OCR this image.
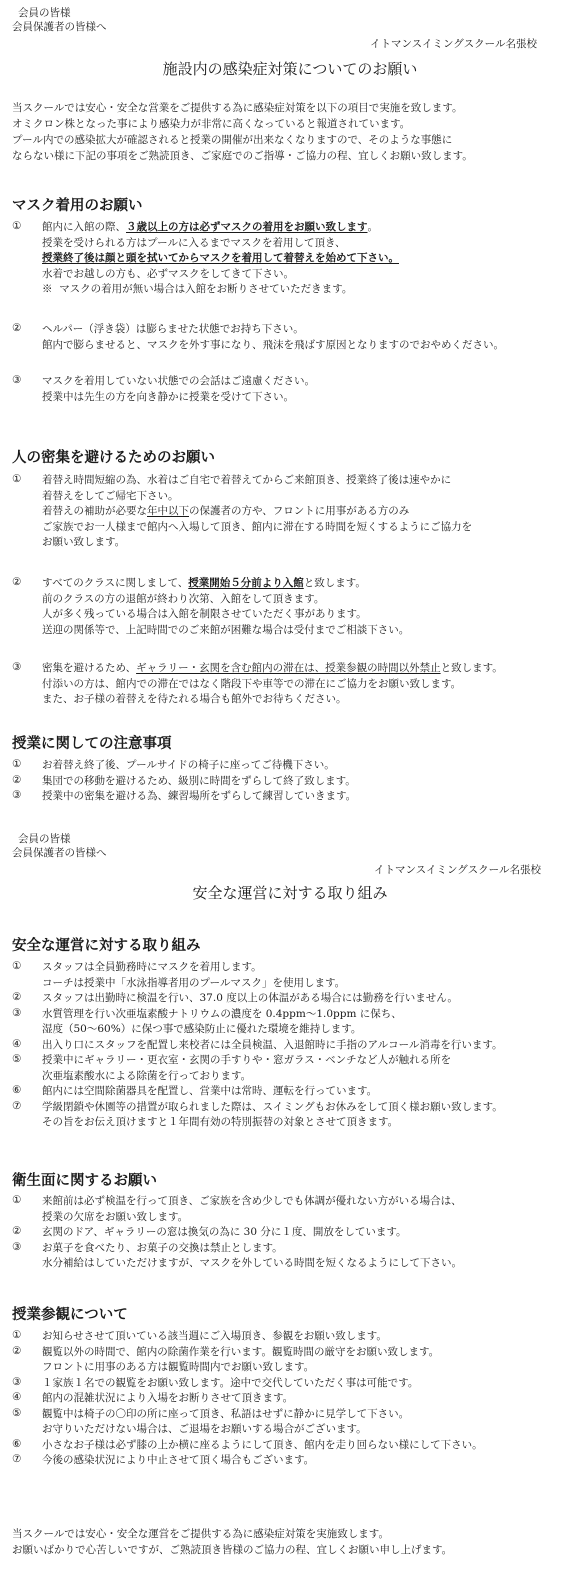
会員の皆様
会員保護者の皆様へ
イトマンスイミングスクール名張校
施設内の感染症対策についてのお願い
当スクールでは安心・安全な営業をご提供する為に感染症対策を以下の項目で実施を致します。
オミクロン株となった事により感染力が非常に高くなっていると報道されています。
プール内での感染拡大が確認されると授業の開催が出来なくなりますので、そのような事態に
ならない様に下記の事項をご熟読頂き、ご家庭でのご指導・ご協力の程、宜しくお願い致します。
マスク着用のお願い
①	館内に入館の際、３歳以上の方は必ずマスクの着用をお願い致します。
授業を受けられる方はプールに入るまでマスクを着用して頂き、
授業終了後は顔と頭を拭いてからマスクを着用して着替えを始めて下さい。
水着でお越しの方も、必ずマスクをしてきて下さい。
※ マスクの着用が無い場合は入館をお断りさせていただきます。
②	ヘルパー（浮き袋）は膨らませた状態でお持ち下さい。
館内で膨らませると、マスクを外す事になり、飛沫を飛ばす原因となりますのでおやめください。
③	マスクを着用していない状態での会話はご遠慮ください。
授業中は先生の方を向き静かに授業を受けて下さい。
人の密集を避けるためのお願い
①	着替え時間短縮の為、水着はご自宅で着替えてからご来館頂き、授業終了後は速やかに
着替えをしてご帰宅下さい。
着替えの補助が必要な年中以下の保護者の方や、フロントに用事がある方のみ
ご家族でお一人様まで館内へ入場して頂き、館内に滞在する時間を短くするようにご協力を
お願い致します。
②	すべてのクラスに関しまして、授業開始５分前より入館と致します。
前のクラスの方の退館が終わり次第、入館をして頂きます。
人が多く残っている場合は入館を制限させていただく事があります。
送迎の関係等で、上記時間でのご来館が困難な場合は受付までご相談下さい。
③	密集を避けるため、ギャラリー・玄関を含む館内の滞在は、授業参観の時間以外禁止と致します。
付添いの方は、館内での滞在ではなく階段下や車等での滞在にご協力をお願い致します。
また、お子様の着替えを待たれる場合も館外でお待ちください。
授業に関しての注意事項
①	お着替え終了後、プールサイドの椅子に座ってご待機下さい。
②	集団での移動を避けるため、級別に時間をずらして終了致します。
③	授業中の密集を避ける為、練習場所をずらして練習していきます。
会員の皆様
会員保護者の皆様へ
イトマンスイミングスクール名張校
安全な運営に対する取り組み
安全な運営に対する取り組み
①	スタッフは全員勤務時にマスクを着用します。
コーチは授業中「水泳指導者用のプールマスク」を使用します。
②	スタッフは出勤時に検温を行い、37.0 度以上の体温がある場合には勤務を行いません。
③	水質管理を行い次亜塩素酸ナトリウムの濃度を 0.4ppm～1.0ppm に保ち、
湿度（50～60%）に保つ事で感染防止に優れた環境を維持します。
④	出入り口にスタッフを配置し来校者には全員検温、入退館時に手指のアルコール消毒を行います。
⑤	授業中にギャラリー・更衣室・玄関の手すりや・窓ガラス・ベンチなど人が触れる所を
次亜塩素酸水による除菌を行っております。
⑥	館内には空間除菌器具を配置し、営業中は常時、運転を行っています。
⑦	学級閉鎖や休園等の措置が取られました際は、スイミングもお休みをして頂く様お願い致します。
その旨をお伝え頂けますと１年間有効の特別振替の対象とさせて頂きます。
衛生面に関するお願い
①	来館前は必ず検温を行って頂き、ご家族を含め少しでも体調が優れない方がいる場合は、
授業の欠席をお願い致します。
②	玄関のドア、ギャラリーの窓は換気の為に 30 分に１度、開放をしています。
③	お菓子を食べたり、お菓子の交換は禁止とします。
水分補給はしていただけますが、マスクを外している時間を短くなるようにして下さい。
授業参観について
①	お知らせさせて頂いている該当週にご入場頂き、参観をお願い致します。
②	観覧以外の時間で、館内の除菌作業を行います。観覧時間の厳守をお願い致します。
フロントに用事のある方は観覧時間内でお願い致します。
③	１家族１名での観覧をお願い致します。途中で交代していただく事は可能です。
④	館内の混雑状況により入場をお断りさせて頂きます。
⑤	観覧中は椅子の〇印の所に座って頂き、私語はせずに静かに見学して下さい。
お守りいただけない場合は、ご退場をお願いする場合がございます。
⑥	小さなお子様は必ず膝の上か横に座るようにして頂き、館内を走り回らない様にして下さい。
⑦	今後の感染状況により中止させて頂く場合もございます。
当スクールでは安心・安全な運営をご提供する為に感染症対策を実施致します。
お願いばかりで心苦しいですが、ご熟読頂き皆様のご協力の程、宜しくお願い申し上げます。
